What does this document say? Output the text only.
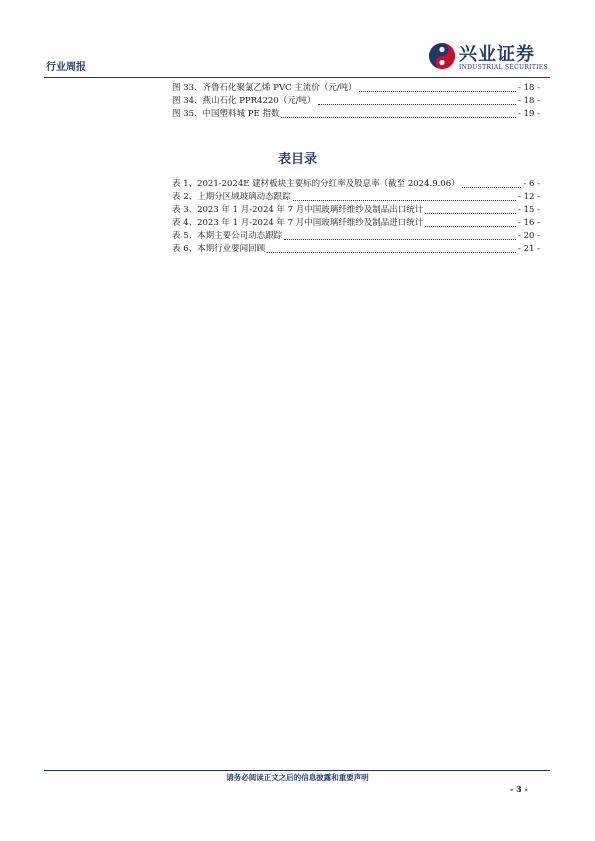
行业周报
兴业证券
INDUSTRIAL SECURITIES
图 33、齐鲁石化聚氯乙烯 PVC 主流价（元/吨）	- 18 -
图 34、燕山石化 PPR4220（元/吨）	- 18 -
图 35、中国塑料城 PE 指数	- 19 -
表目录
表 1、2021-2024E 建材板块主要标的分红率及股息率（截至 2024.9.06）	- 6 -
表 2、上期分区域玻璃动态跟踪	- 12 -
表 3、2023 年 1 月-2024 年 7 月中国玻璃纤维纱及制品出口统计	- 15 -
表 4、2023 年 1 月-2024 年 7 月中国玻璃纤维纱及制品进口统计	- 16 -
表 5、本期主要公司动态跟踪	- 20 -
表 6、本期行业要闻回顾	- 21 -
请务必阅读正文之后的信息披露和重要声明
- 3 -
